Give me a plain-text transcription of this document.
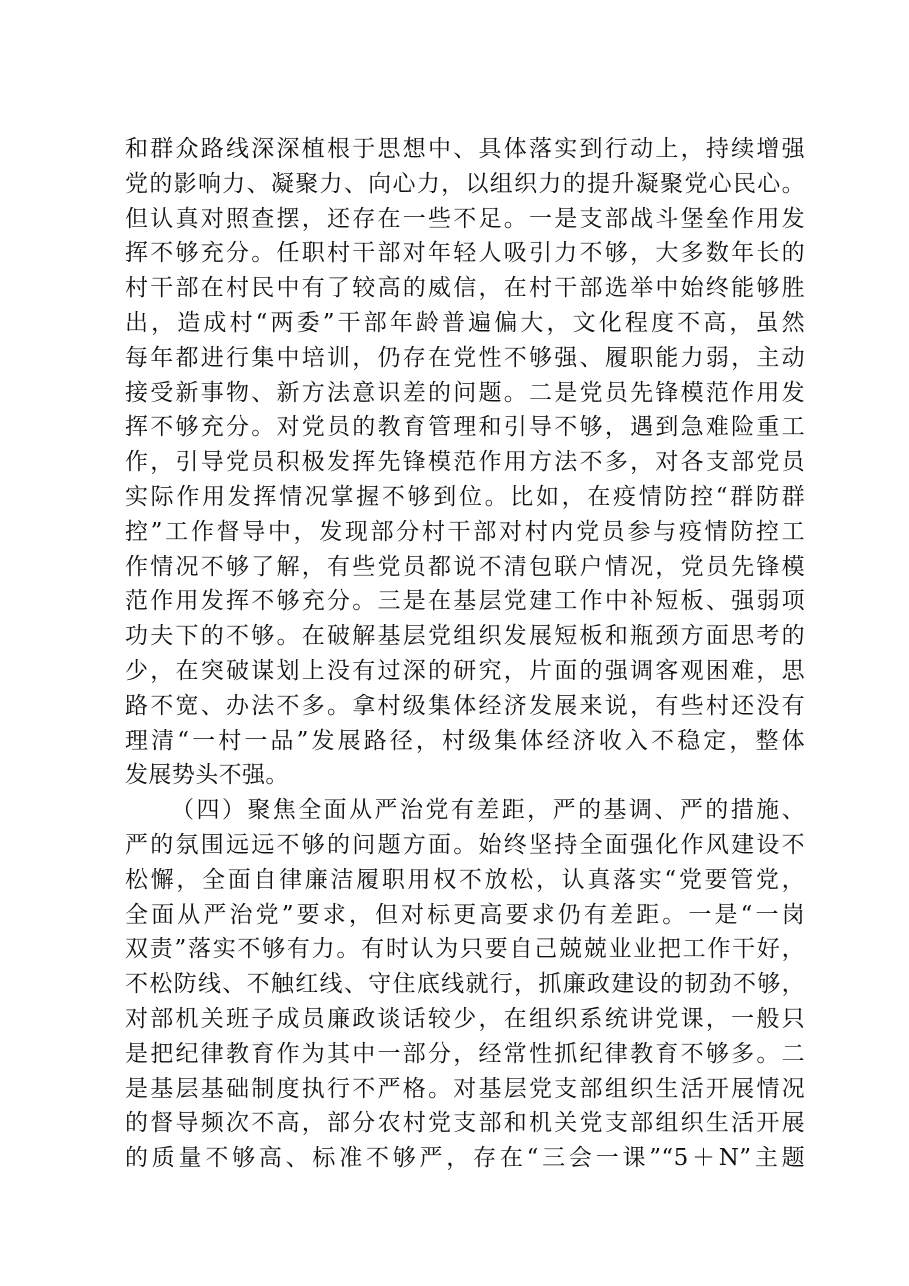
和群众路线深深植根于思想中、具体落实到行动上，持续增强
党的影响力、凝聚力、向心力，以组织力的提升凝聚党心民心。
但认真对照查摆，还存在一些不足。一是支部战斗堡垒作用发
挥不够充分。任职村干部对年轻人吸引力不够，大多数年长的
村干部在村民中有了较高的威信，在村干部选举中始终能够胜
出，造成村“两委”干部年龄普遍偏大，文化程度不高，虽然
每年都进行集中培训，仍存在党性不够强、履职能力弱，主动
接受新事物、新方法意识差的问题。二是党员先锋模范作用发
挥不够充分。对党员的教育管理和引导不够，遇到急难险重工
作，引导党员积极发挥先锋模范作用方法不多，对各支部党员
实际作用发挥情况掌握不够到位。比如，在疫情防控“群防群
控”工作督导中，发现部分村干部对村内党员参与疫情防控工
作情况不够了解，有些党员都说不清包联户情况，党员先锋模
范作用发挥不够充分。三是在基层党建工作中补短板、强弱项
功夫下的不够。在破解基层党组织发展短板和瓶颈方面思考的
少，在突破谋划上没有过深的研究，片面的强调客观困难，思
路不宽、办法不多。拿村级集体经济发展来说，有些村还没有
理清“一村一品”发展路径，村级集体经济收入不稳定，整体
发展势头不强。
（四）聚焦全面从严治党有差距，严的基调、严的措施、
严的氛围远远不够的问题方面。始终坚持全面强化作风建设不
松懈，全面自律廉洁履职用权不放松，认真落实“党要管党，
全面从严治党”要求，但对标更高要求仍有差距。一是“一岗
双责”落实不够有力。有时认为只要自己兢兢业业把工作干好，
不松防线、不触红线、守住底线就行，抓廉政建设的韧劲不够，
对部机关班子成员廉政谈话较少，在组织系统讲党课，一般只
是把纪律教育作为其中一部分，经常性抓纪律教育不够多。二
是基层基础制度执行不严格。对基层党支部组织生活开展情况
的督导频次不高，部分农村党支部和机关党支部组织生活开展
的质量不够高、标准不够严，存在“三会一课”“5＋N”主题
